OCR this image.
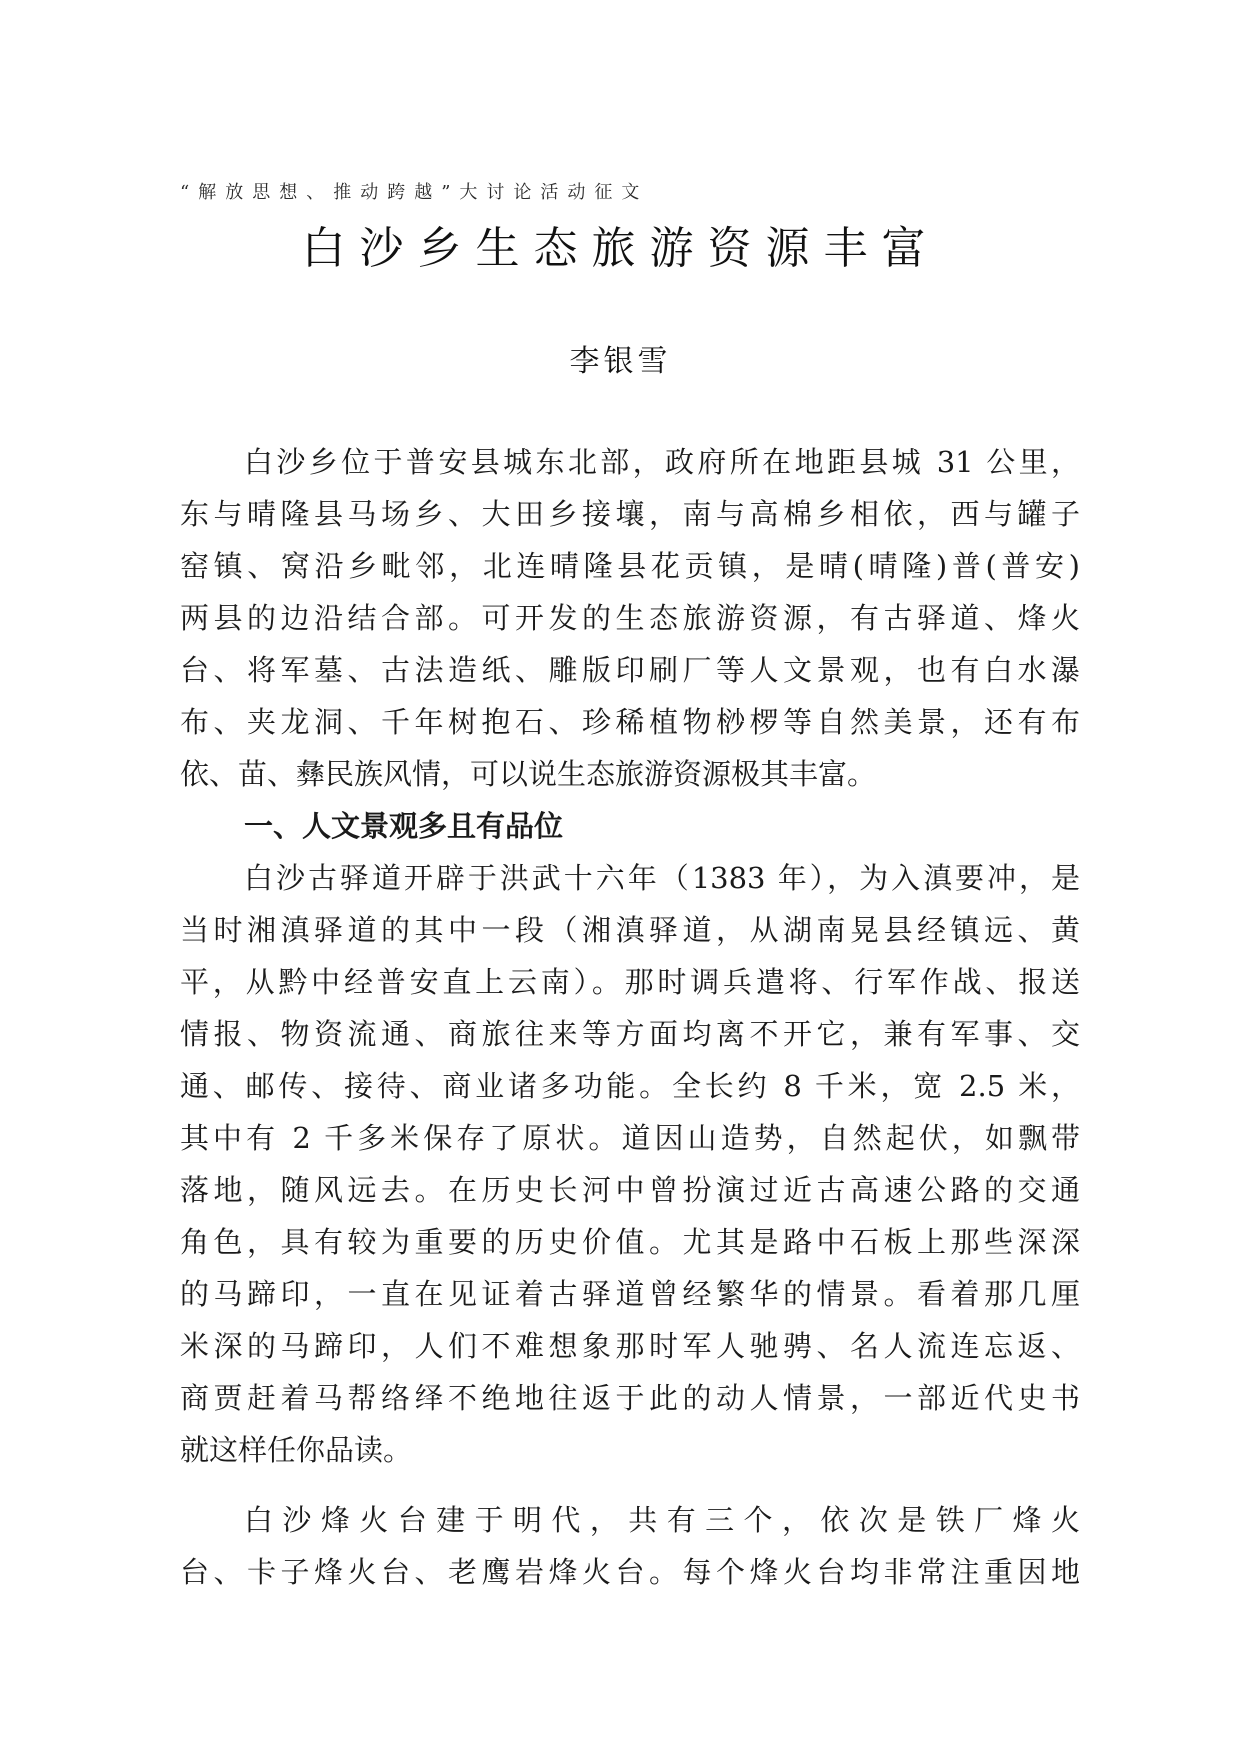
“解放思想、推动跨越”大讨论活动征文
白沙乡生态旅游资源丰富
李银雪
白沙乡位于普安县城东北部，政府所在地距县城 31 公里，
东与晴隆县马场乡、大田乡接壤，南与高棉乡相依，西与罐子
窑镇、窝沿乡毗邻，北连晴隆县花贡镇，是晴(晴隆)普(普安)
两县的边沿结合部。可开发的生态旅游资源，有古驿道、烽火
台、将军墓、古法造纸、雕版印刷厂等人文景观，也有白水瀑
布、夹龙洞、千年树抱石、珍稀植物桫椤等自然美景，还有布
依、苗、彝民族风情，可以说生态旅游资源极其丰富。
一、人文景观多且有品位
白沙古驿道开辟于洪武十六年（1383 年），为入滇要冲，是
当时湘滇驿道的其中一段（湘滇驿道，从湖南晃县经镇远、黄
平，从黔中经普安直上云南）。那时调兵遣将、行军作战、报送
情报、物资流通、商旅往来等方面均离不开它，兼有军事、交
通、邮传、接待、商业诸多功能。全长约 8 千米，宽 2.5 米，
其中有 2 千多米保存了原状。道因山造势，自然起伏，如飘带
落地，随风远去。在历史长河中曾扮演过近古高速公路的交通
角色，具有较为重要的历史价值。尤其是路中石板上那些深深
的马蹄印，一直在见证着古驿道曾经繁华的情景。看着那几厘
米深的马蹄印，人们不难想象那时军人驰骋、名人流连忘返、
商贾赶着马帮络绎不绝地往返于此的动人情景，一部近代史书
就这样任你品读。
白沙烽火台建于明代，共有三个，依次是铁厂烽火
台、卡子烽火台、老鹰岩烽火台。每个烽火台均非常注重因地
